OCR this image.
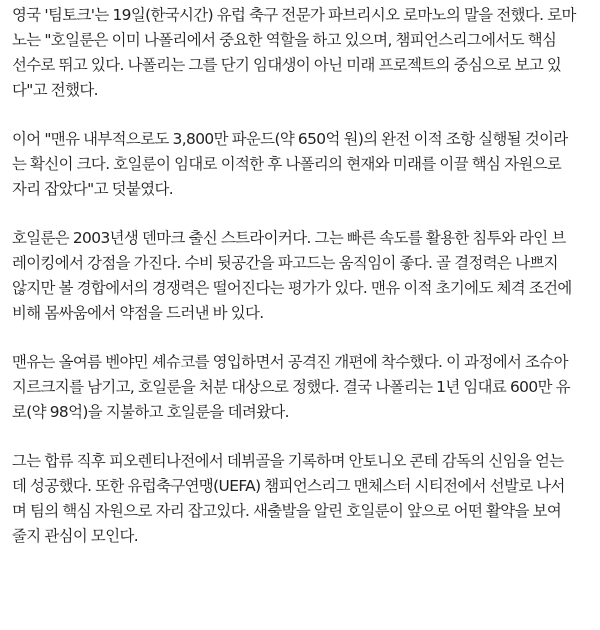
영국 '팀토크'는 19일(한국시간) 유럽 축구 전문가 파브리시오 로마노의 말을 전했다. 로마
노는 "호일룬은 이미 나폴리에서 중요한 역할을 하고 있으며, 챔피언스리그에서도 핵심
선수로 뛰고 있다. 나폴리는 그를 단기 임대생이 아닌 미래 프로젝트의 중심으로 보고 있
다"고 전했다.

이어 "맨유 내부적으로도 3,800만 파운드(약 650억 원)의 완전 이적 조항 실행될 것이라
는 확신이 크다. 호일룬이 임대로 이적한 후 나폴리의 현재와 미래를 이끌 핵심 자원으로
자리 잡았다"고 덧붙였다.

호일룬은 2003년생 덴마크 출신 스트라이커다. 그는 빠른 속도를 활용한 침투와 라인 브
레이킹에서 강점을 가진다. 수비 뒷공간을 파고드는 움직임이 좋다. 골 결정력은 나쁘지
않지만 볼 경합에서의 경쟁력은 떨어진다는 평가가 있다. 맨유 이적 초기에도 체격 조건에
비해 몸싸움에서 약점을 드러낸 바 있다.

맨유는 올여름 벤야민 셰슈코를 영입하면서 공격진 개편에 착수했다. 이 과정에서 조슈아
지르크지를 남기고, 호일룬을 처분 대상으로 정했다. 결국 나폴리는 1년 임대료 600만 유
로(약 98억)을 지불하고 호일룬을 데려왔다.

그는 합류 직후 피오렌티나전에서 데뷔골을 기록하며 안토니오 콘테 감독의 신임을 얻는
데 성공했다. 또한 유럽축구연맹(UEFA) 챔피언스리그 맨체스터 시티전에서 선발로 나서
며 팀의 핵심 자원으로 자리 잡고있다. 새출발을 알린 호일룬이 앞으로 어떤 활약을 보여
줄지 관심이 모인다.
